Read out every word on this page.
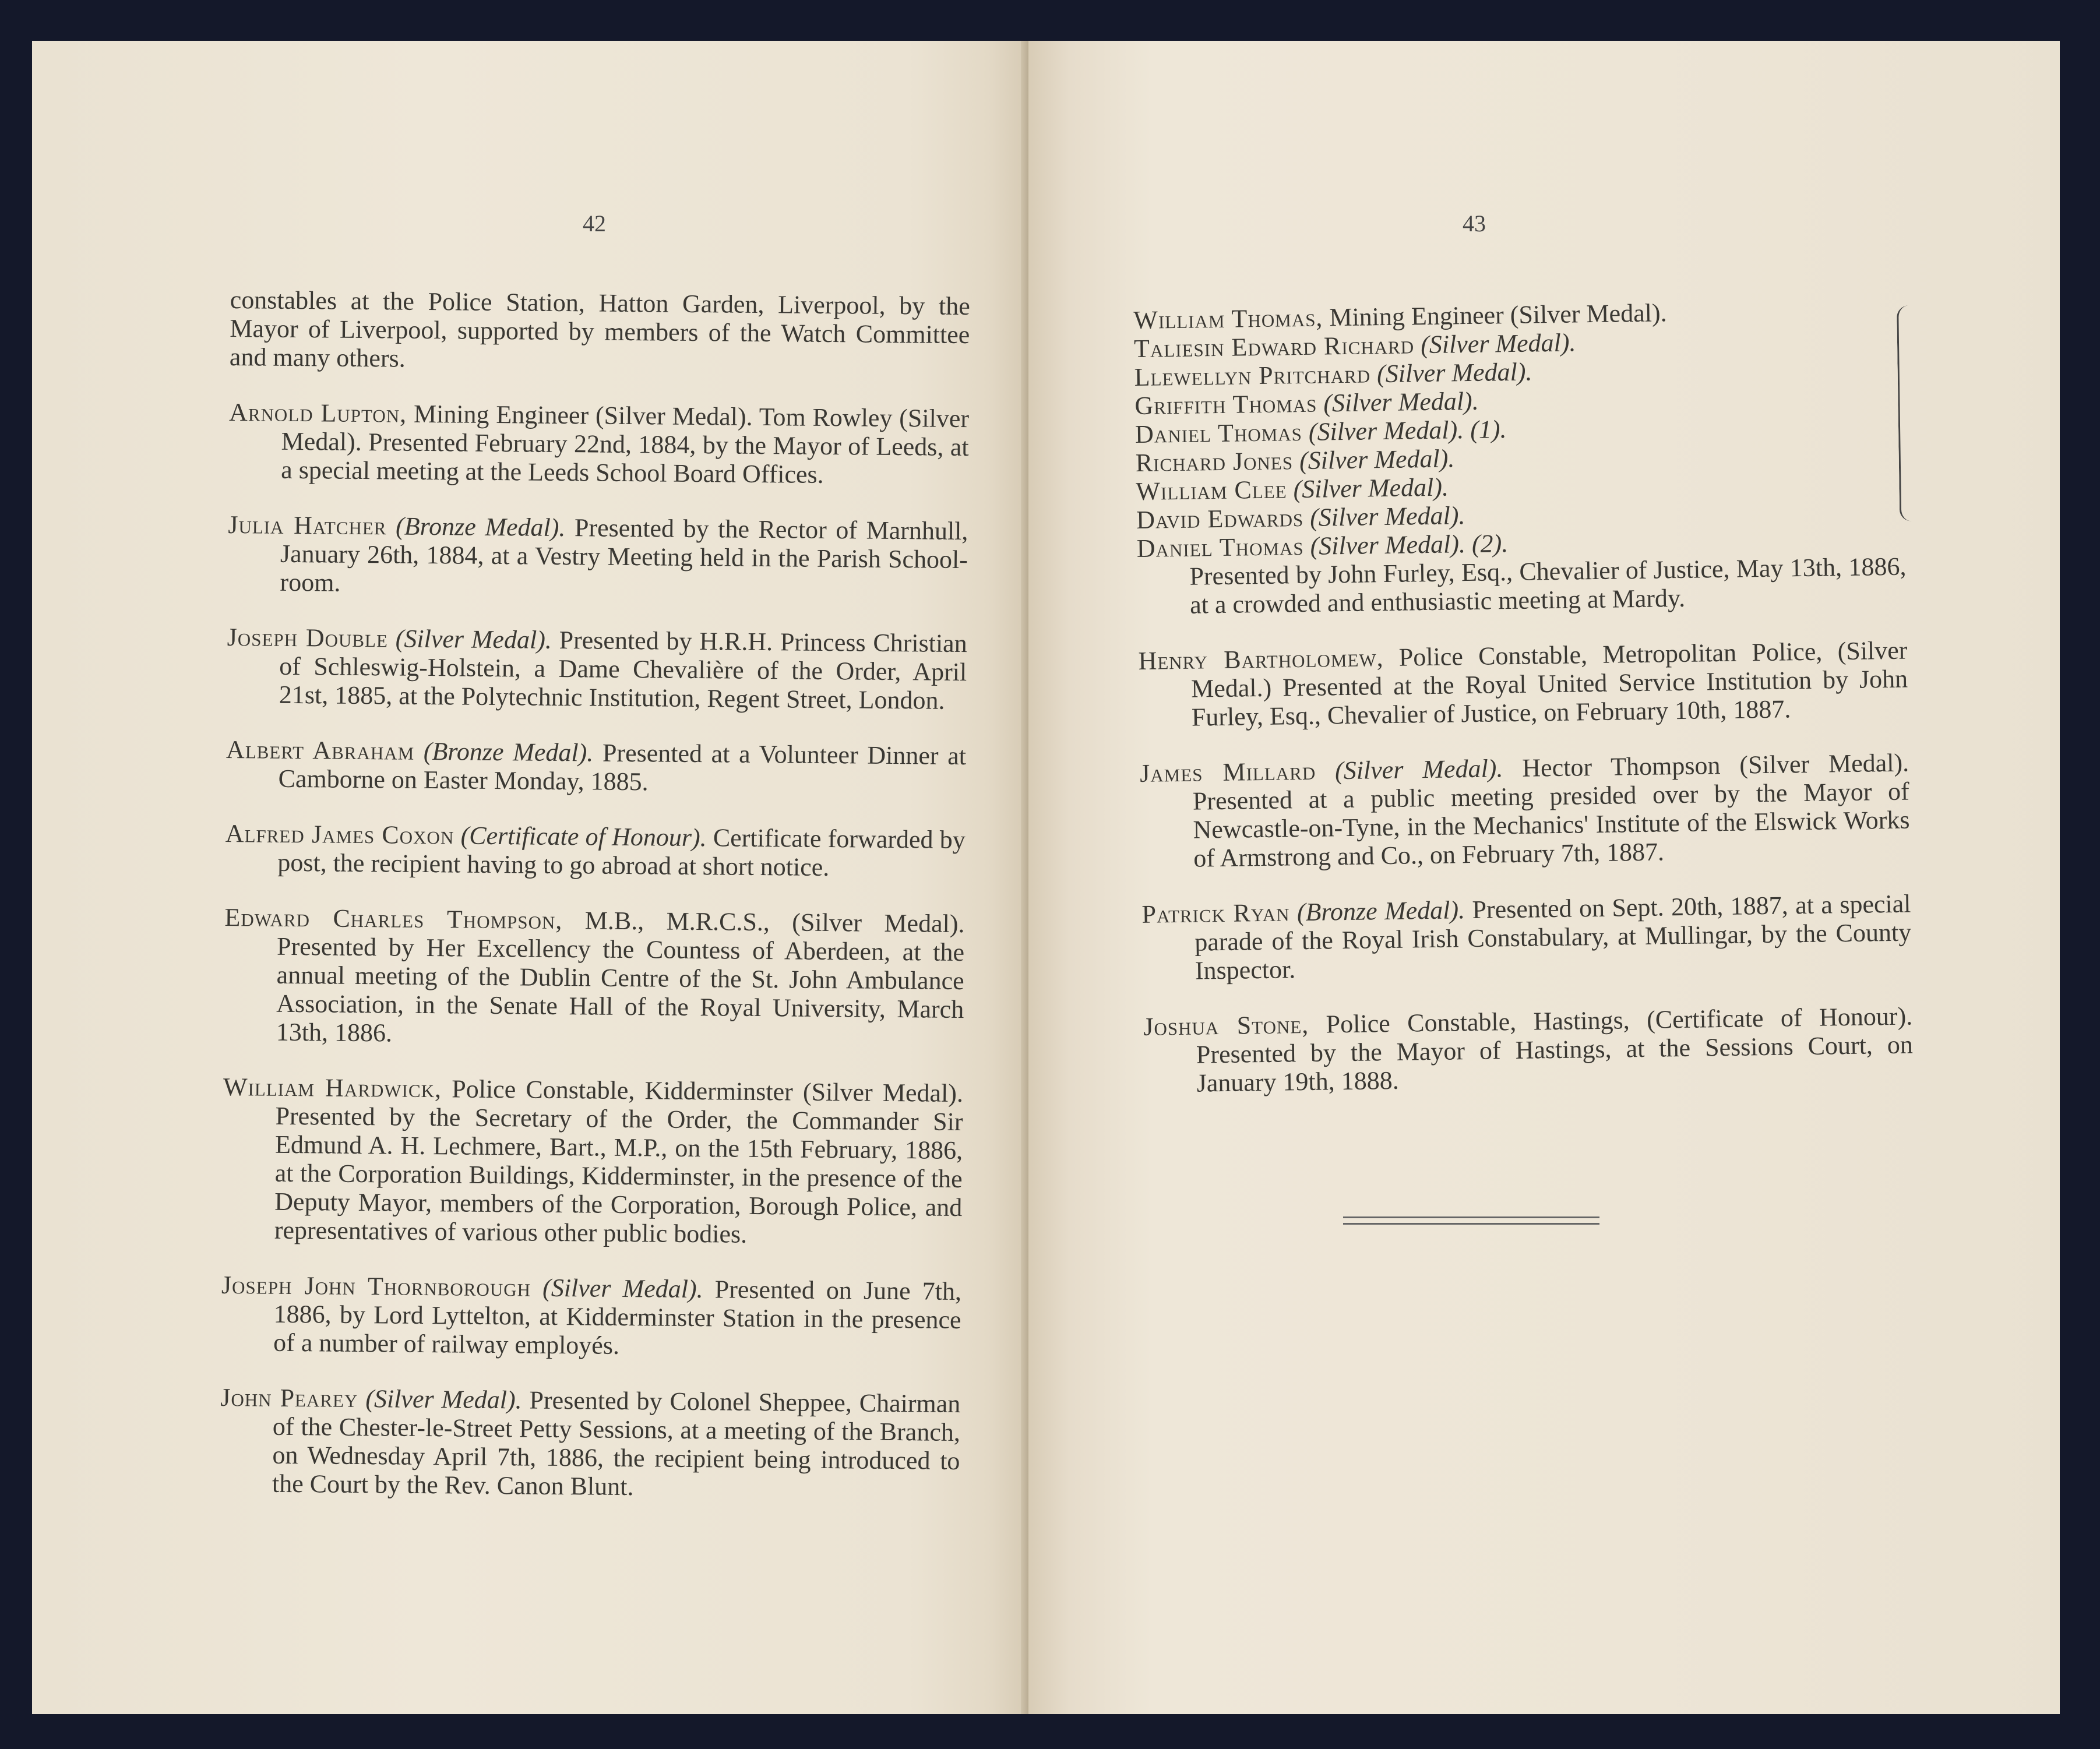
42

constables at the Police Station, Hatton Garden, Liverpool, by the Mayor of Liverpool, supported by members of the Watch Committee and many others.

Arnold Lupton, Mining Engineer (Silver Medal). Tom Rowley (Silver Medal). Presented February 22nd, 1884, by the Mayor of Leeds, at a special meeting at the Leeds School Board Offices.

Julia Hatcher (Bronze Medal). Presented by the Rector of Marnhull, January 26th, 1884, at a Vestry Meeting held in the Parish School-room.

Joseph Double (Silver Medal). Presented by H.R.H. Princess Christian of Schleswig-Holstein, a Dame Chevalière of the Order, April 21st, 1885, at the Polytechnic Institution, Regent Street, London.

Albert Abraham (Bronze Medal). Presented at a Volunteer Dinner at Camborne on Easter Monday, 1885.

Alfred James Coxon (Certificate of Honour). Certificate forwarded by post, the recipient having to go abroad at short notice.

Edward Charles Thompson, M.B., M.R.C.S., (Silver Medal). Presented by Her Excellency the Countess of Aberdeen, at the annual meeting of the Dublin Centre of the St. John Ambulance Association, in the Senate Hall of the Royal University, March 13th, 1886.

William Hardwick, Police Constable, Kidderminster (Silver Medal). Presented by the Secretary of the Order, the Commander Sir Edmund A. H. Lechmere, Bart., M.P., on the 15th February, 1886, at the Corporation Buildings, Kidderminster, in the presence of the Deputy Mayor, members of the Corporation, Borough Police, and representatives of various other public bodies.

Joseph John Thornborough (Silver Medal). Presented on June 7th, 1886, by Lord Lyttelton, at Kidderminster Station in the presence of a number of railway employés.

John Pearey (Silver Medal). Presented by Colonel Sheppee, Chairman of the Chester-le-Street Petty Sessions, at a meeting of the Branch, on Wednesday April 7th, 1886, the recipient being introduced to the Court by the Rev. Canon Blunt.

43

William Thomas, Mining Engineer (Silver Medal).

Taliesin Edward Richard (Silver Medal).

Llewellyn Pritchard (Silver Medal).

Griffith Thomas (Silver Medal).

Daniel Thomas (Silver Medal). (1).

Richard Jones (Silver Medal).

William Clee (Silver Medal).

David Edwards (Silver Medal).

Daniel Thomas (Silver Medal). (2).

Presented by John Furley, Esq., Chevalier of Justice, May 13th, 1886, at a crowded and enthusiastic meeting at Mardy.

Henry Bartholomew, Police Constable, Metropolitan Police, (Silver Medal.) Presented at the Royal United Service Institution by John Furley, Esq., Chevalier of Justice, on February 10th, 1887.

James Millard (Silver Medal). Hector Thompson (Silver Medal). Presented at a public meeting presided over by the Mayor of Newcastle-on-Tyne, in the Mechanics' Institute of the Elswick Works of Armstrong and Co., on February 7th, 1887.

Patrick Ryan (Bronze Medal). Presented on Sept. 20th, 1887, at a special parade of the Royal Irish Constabulary, at Mullingar, by the County Inspector.

Joshua Stone, Police Constable, Hastings, (Certificate of Honour). Presented by the Mayor of Hastings, at the Sessions Court, on January 19th, 1888.
